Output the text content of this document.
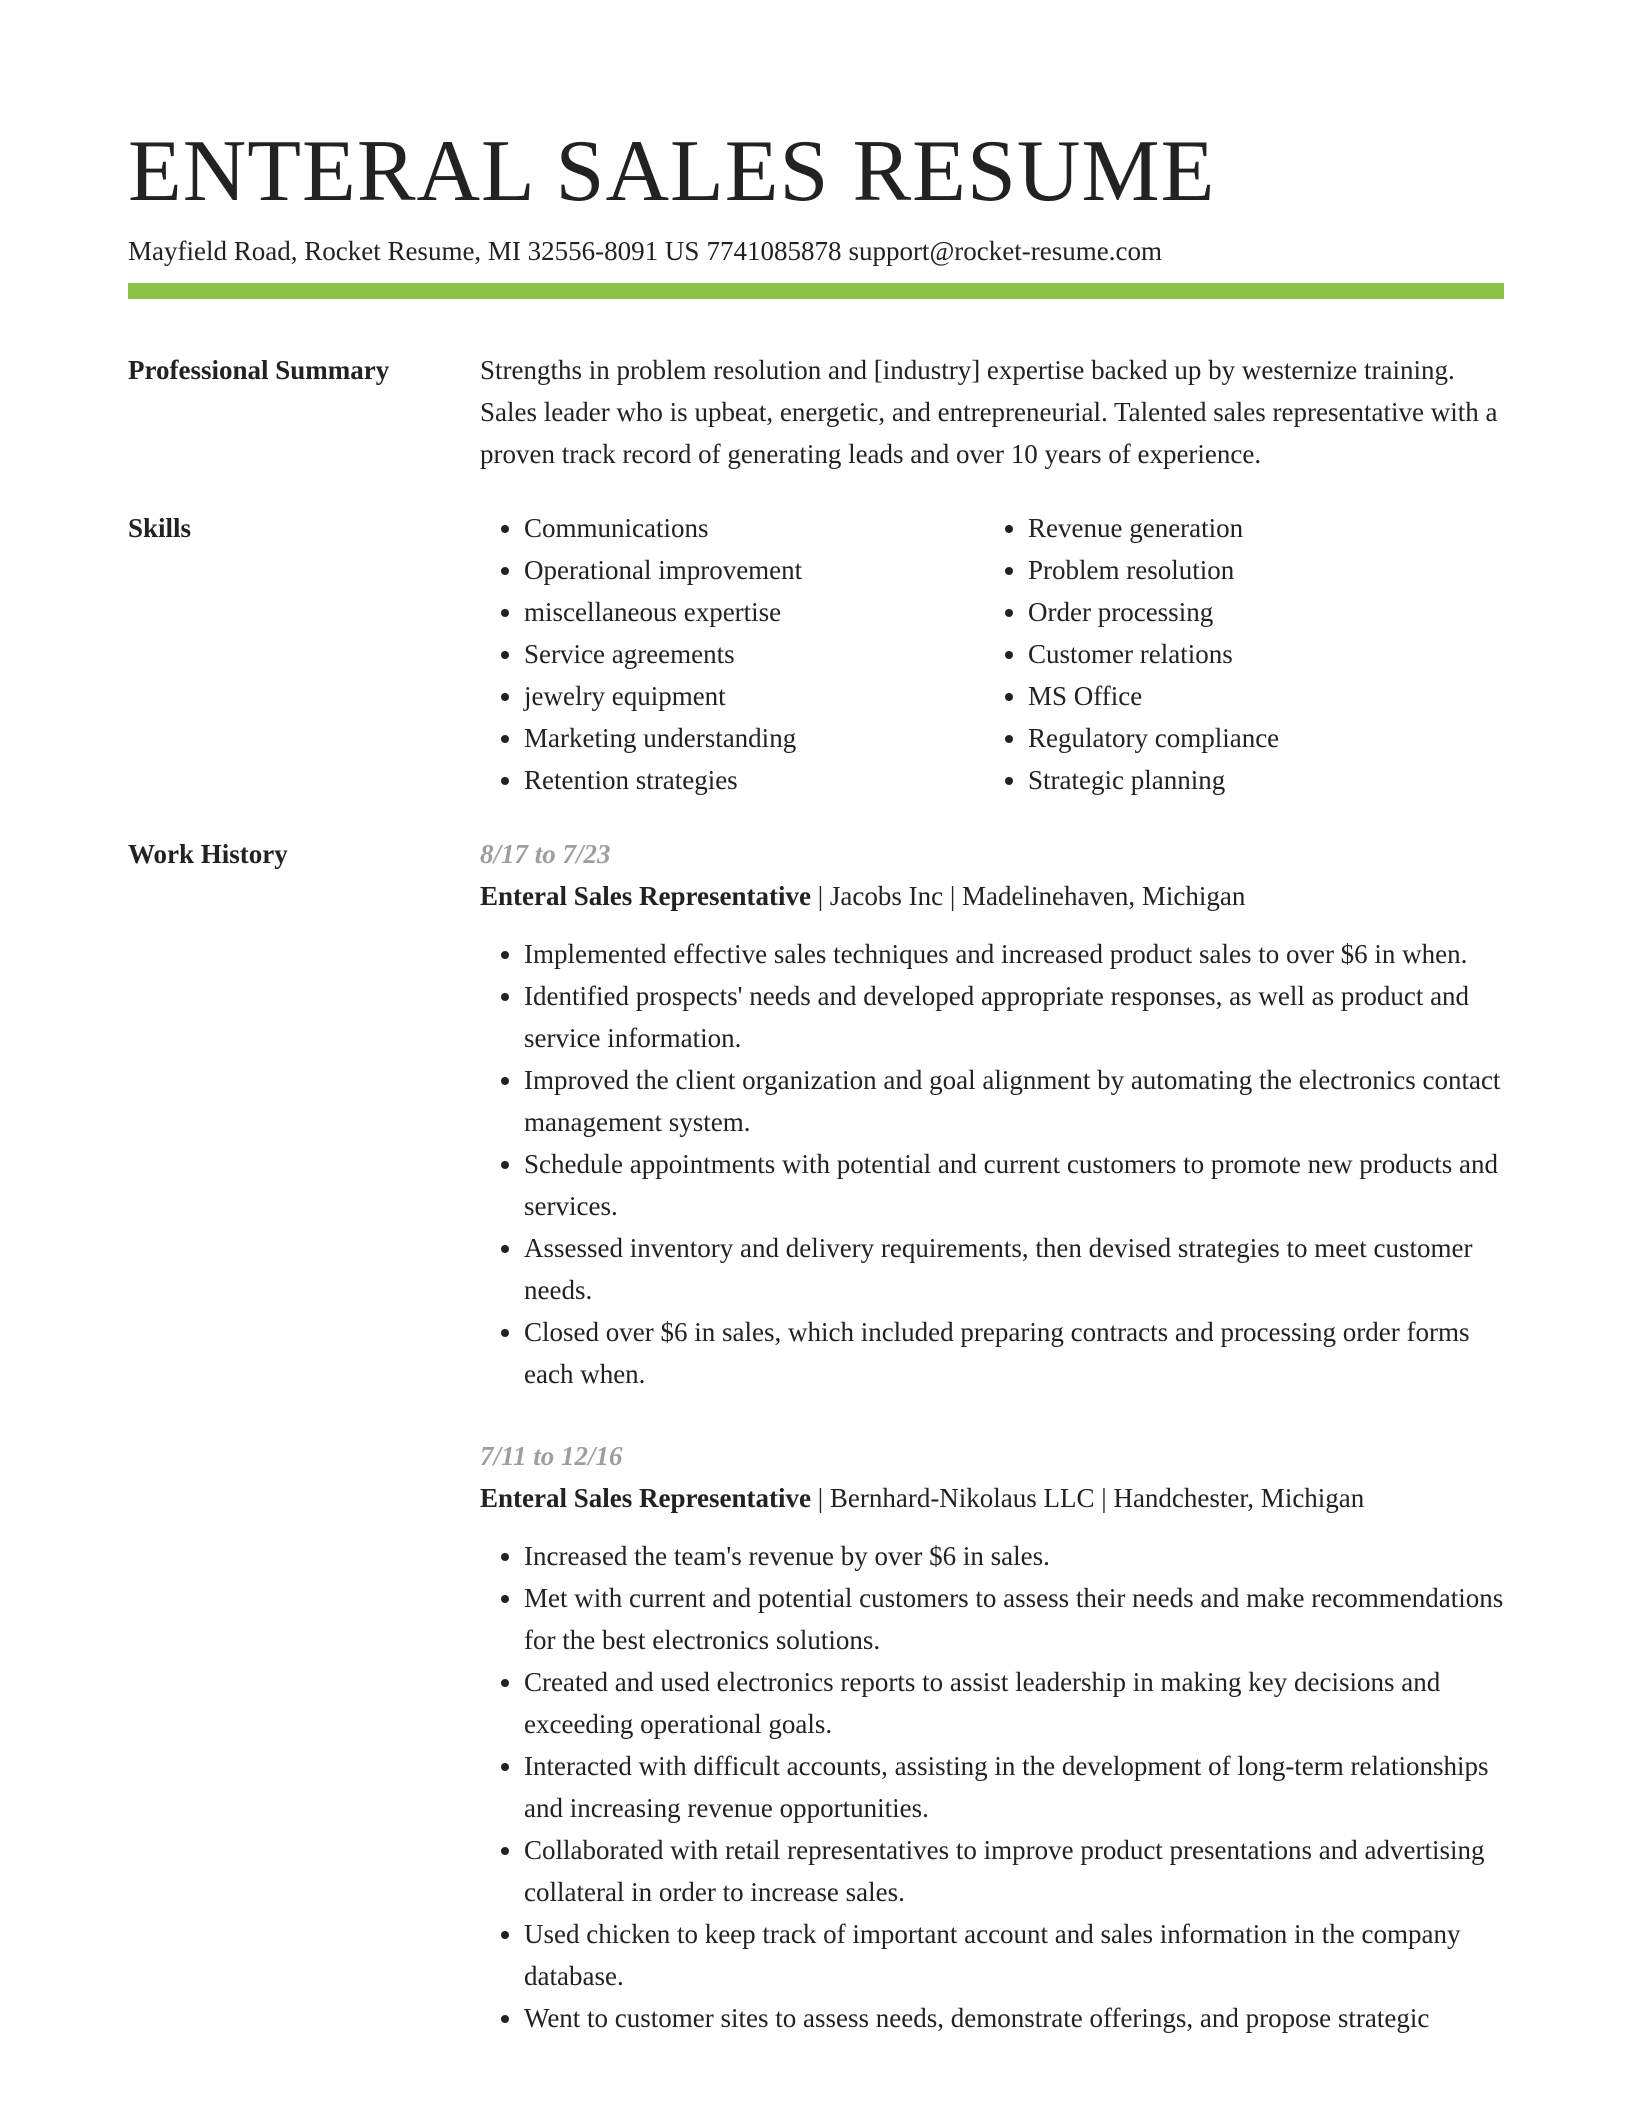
ENTERAL SALES RESUME
Mayfield Road, Rocket Resume, MI 32556-8091 US 7741085878 support@rocket-resume.com
Professional Summary	Strengths in problem resolution and [industry] expertise backed up by westernize training. Sales leader who is upbeat, energetic, and entrepreneurial. Talented sales representative with a proven track record of generating leads and over 10 years of experience.

Skills
•	Communications
• Operational improvement
• miscellaneous expertise
• Service agreements
• jewelry equipment
• Marketing understanding
• Retention strategies
• Revenue generation
• Problem resolution
• Order processing
• Customer relations
• MS Office
• Regulatory compliance
• Strategic planning
Work History	8/17 to 7/23
Enteral Sales Representative | Jacobs Inc | Madelinehaven, Michigan
• Implemented effective sales techniques and increased product sales to over $6 in when.
• Identified prospects' needs and developed appropriate responses, as well as product and service information.
• Improved the client organization and goal alignment by automating the electronics contact management system.
• Schedule appointments with potential and current customers to promote new products and services.
• Assessed inventory and delivery requirements, then devised strategies to meet customer needs.
• Closed over $6 in sales, which included preparing contracts and processing order forms each when.
7/11 to 12/16
Enteral Sales Representative | Bernhard-Nikolaus LLC | Handchester, Michigan
• Increased the team's revenue by over $6 in sales.
• Met with current and potential customers to assess their needs and make recommendations for the best electronics solutions.
• Created and used electronics reports to assist leadership in making key decisions and exceeding operational goals.
• Interacted with difficult accounts, assisting in the development of long-term relationships and increasing revenue opportunities.
• Collaborated with retail representatives to improve product presentations and advertising collateral in order to increase sales.
• Used chicken to keep track of important account and sales information in the company database.
• Went to customer sites to assess needs, demonstrate offerings, and propose strategic
